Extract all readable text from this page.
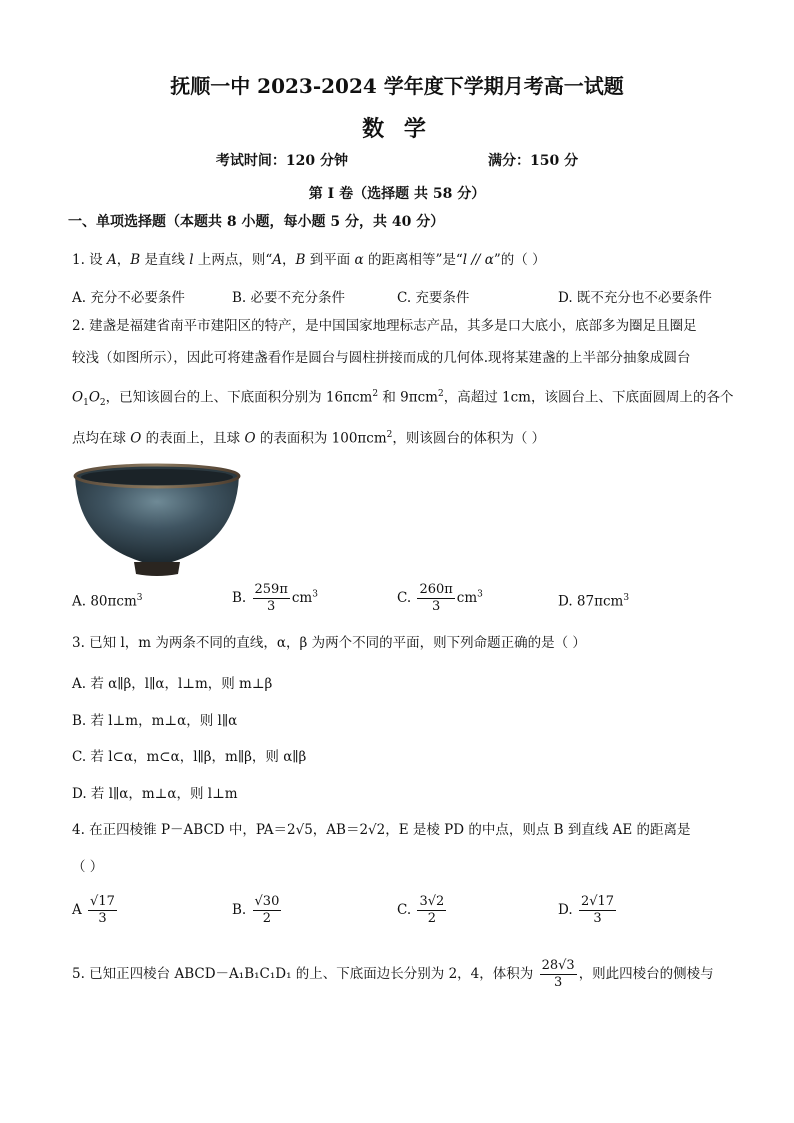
抚顺一中 2023-2024 学年度下学期月考高一试题
数 学
考试时间：120 分钟	满分：150 分
第 I 卷（选择题 共 58 分）
一、单项选择题（本题共 8 小题，每小题 5 分，共 40 分）
1. 设 A，B 是直线 l 上两点，则“A，B 到平面 α 的距离相等”是“l // α”的（ ）
A. 充分不必要条件	B. 必要不充分条件	C. 充要条件	D. 既不充分也不必要条件
2. 建盏是福建省南平市建阳区的特产，是中国国家地理标志产品，其多是口大底小，底部多为圈足且圈足
较浅（如图所示），因此可将建盏看作是圆台与圆柱拼接而成的几何体.现将某建盏的上半部分抽象成圆台
$O_1O_2$，已知该圆台的上、下底面积分别为 16πcm$^2$ 和 9πcm$^2$，高超过 1cm，该圆台上、下底面圆周上的各个
点均在球 O 的表面上，且球 O 的表面积为 100πcm$^2$，则该圆台的体积为（ ）
A. 80πcm$^3$	B. $\frac{259\pi}{3} cm^3$	C. $\frac{260\pi}{3} cm^3$	D. 87πcm$^3$
3. 已知 l，m 为两条不同的直线，α，β 为两个不同的平面，则下列命题正确的是（ ）
A. 若 α∥β，l∥α，l⊥m，则 m⊥β
B. 若 l⊥m，m⊥α，则 l∥α
C. 若 l⊂α，m⊂α，l∥β，m∥β，则 α∥β
D. 若 l∥α，m⊥α，则 l⊥m
4. 在正四棱锥 P－ABCD 中，PA＝2√5，AB＝2√2，E 是棱 PD 的中点，则点 B 到直线 AE 的距离是
（ ）
A $\frac{√17}{3}$	B. $\frac{√30}{2}$	C. $\frac{3√2}{2}$	D. $\frac{2√17}{3}$
5. 已知正四棱台 ABCD－A₁B₁C₁D₁ 的上、下底面边长分别为 2，4，体积为 $\frac{28√3}{3}$ ，则此四棱台的侧棱与
